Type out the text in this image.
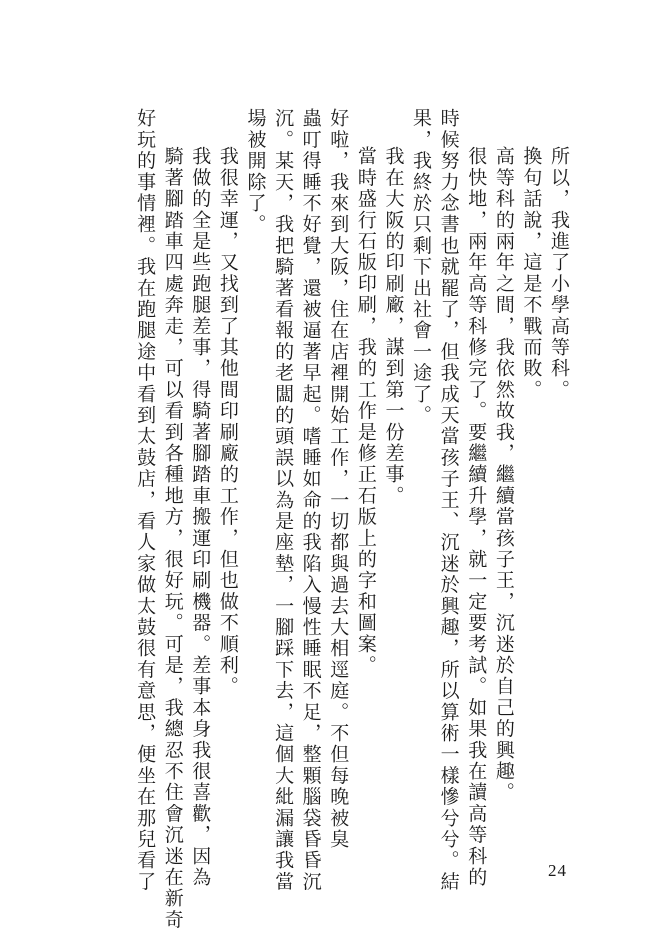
所以，我進了小學高等科。

換句話說，這是不戰而敗。

高等科的兩年之間，我依然故我，繼續當孩子王，沉迷於自己的興趣。

很快地，兩年高等科修完了。要繼續升學，就一定要考試。如果我在讀高等科的

時候努力念書也就罷了，但我成天當孩子王、沉迷於興趣，所以算術一樣慘兮兮。結

果，我終於只剩下出社會一途了。

我在大阪的印刷廠，謀到第一份差事。

當時盛行石版印刷，我的工作是修正石版上的字和圖案。

好啦，我來到大阪，住在店裡開始工作，一切都與過去大相逕庭。不但每晚被臭

蟲叮得睡不好覺，還被逼著早起。嗜睡如命的我陷入慢性睡眠不足，整顆腦袋昏昏沉

沉。某天，我把騎著看報的老闆的頭誤以為是座墊，一腳踩下去，這個大紕漏讓我當

場被開除了。

我很幸運，又找到了其他間印刷廠的工作，但也做不順利。

我做的全是些跑腿差事，得騎著腳踏車搬運印刷機器。差事本身我很喜歡，因為

騎著腳踏車四處奔走，可以看到各種地方，很好玩。可是，我總忍不住會沉迷在新奇

好玩的事情裡。我在跑腿途中看到太鼓店，看人家做太鼓很有意思，便坐在那兒看了	24
